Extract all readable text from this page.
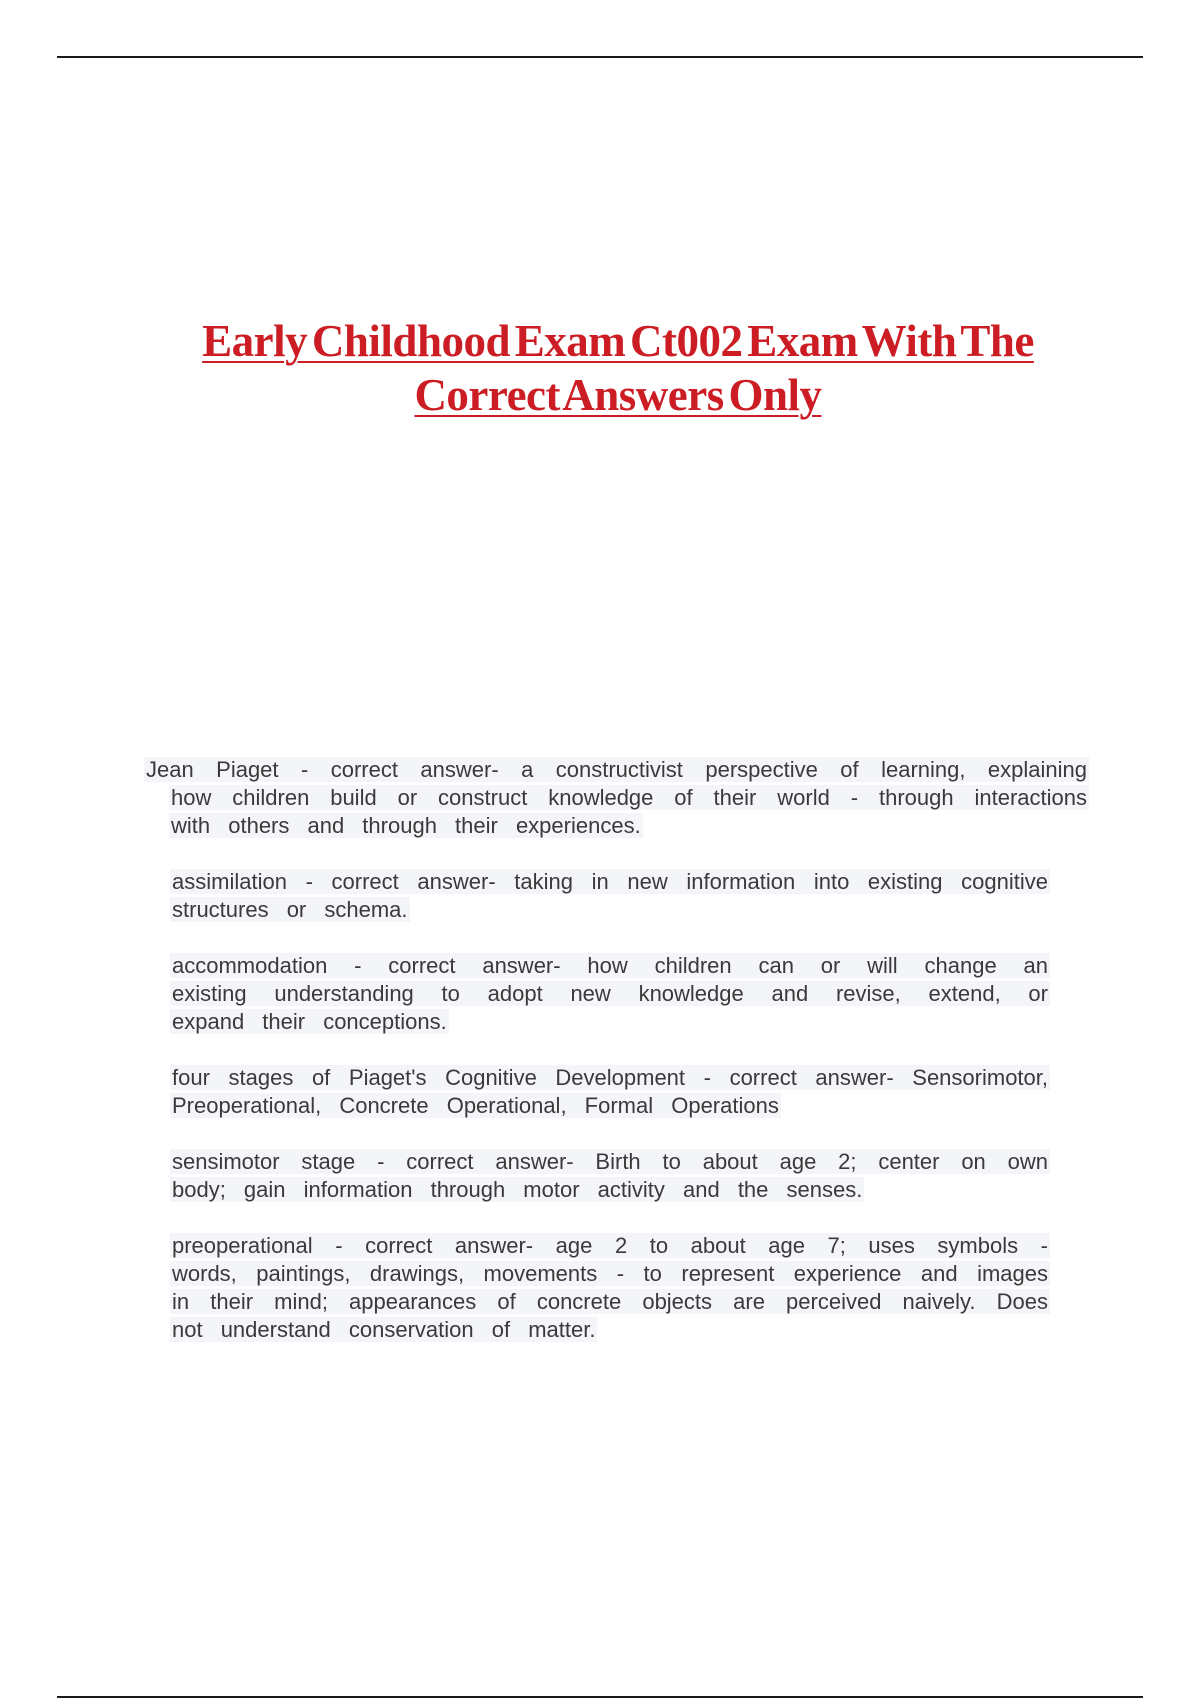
Early Childhood Exam Ct002 Exam With The Correct Answers Only

Jean Piaget - correct answer- a constructivist perspective of learning, explaining how children build or construct knowledge of their world - through interactions with others and through their experiences.

assimilation - correct answer- taking in new information into existing cognitive structures or schema.

accommodation - correct answer- how children can or will change an existing understanding to adopt new knowledge and revise, extend, or expand their conceptions.

four stages of Piaget's Cognitive Development - correct answer- Sensorimotor, Preoperational, Concrete Operational, Formal Operations

sensimotor stage - correct answer- Birth to about age 2; center on own body; gain information through motor activity and the senses.

preoperational - correct answer- age 2 to about age 7; uses symbols - words, paintings, drawings, movements - to represent experience and images in their mind; appearances of concrete objects are perceived naively. Does not understand conservation of matter.
